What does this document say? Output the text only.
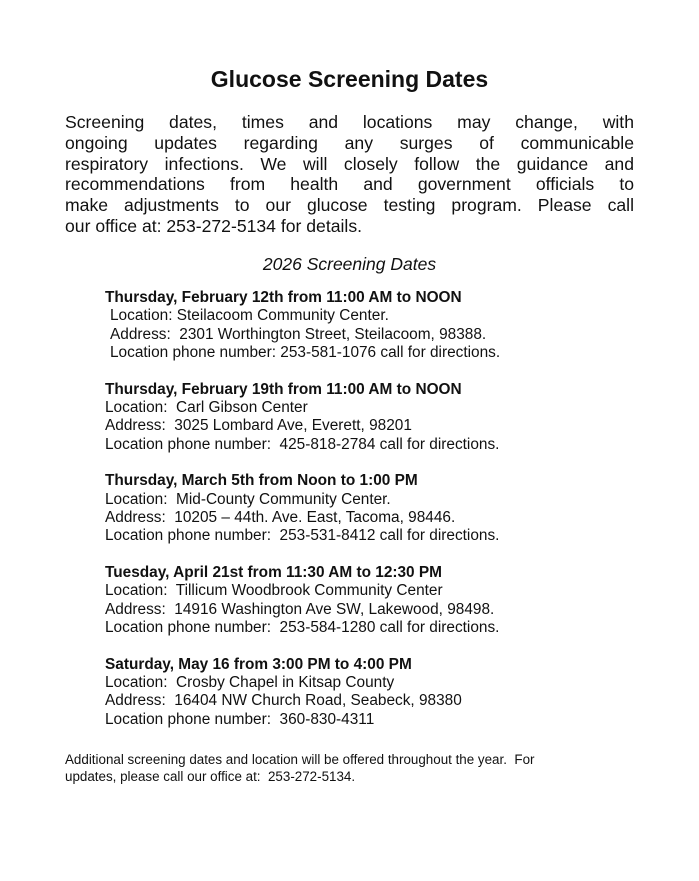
Glucose Screening Dates
Screening dates, times and locations may change, with
ongoing updates regarding any surges of communicable
respiratory infections. We will closely follow the guidance and
recommendations from health and government officials to
make adjustments to our glucose testing program. Please call
our office at: 253-272-5134 for details.
2026 Screening Dates
Thursday, February 12th from 11:00 AM to NOON
Location: Steilacoom Community Center.
Address:  2301 Worthington Street, Steilacoom, 98388.
Location phone number: 253-581-1076 call for directions.
Thursday, February 19th from 11:00 AM to NOON
Location:  Carl Gibson Center
Address:  3025 Lombard Ave, Everett, 98201
Location phone number:  425-818-2784 call for directions.
Thursday, March 5th from Noon to 1:00 PM
Location:  Mid-County Community Center.
Address:  10205 – 44th. Ave. East, Tacoma, 98446.
Location phone number:  253-531-8412 call for directions.
Tuesday, April 21st from 11:30 AM to 12:30 PM
Location:  Tillicum Woodbrook Community Center
Address:  14916 Washington Ave SW, Lakewood, 98498.
Location phone number:  253-584-1280 call for directions.
Saturday, May 16 from 3:00 PM to 4:00 PM
Location:  Crosby Chapel in Kitsap County
Address:  16404 NW Church Road, Seabeck, 98380
Location phone number:  360-830-4311
Additional screening dates and location will be offered throughout the year.  For
updates, please call our office at:  253-272-5134.
